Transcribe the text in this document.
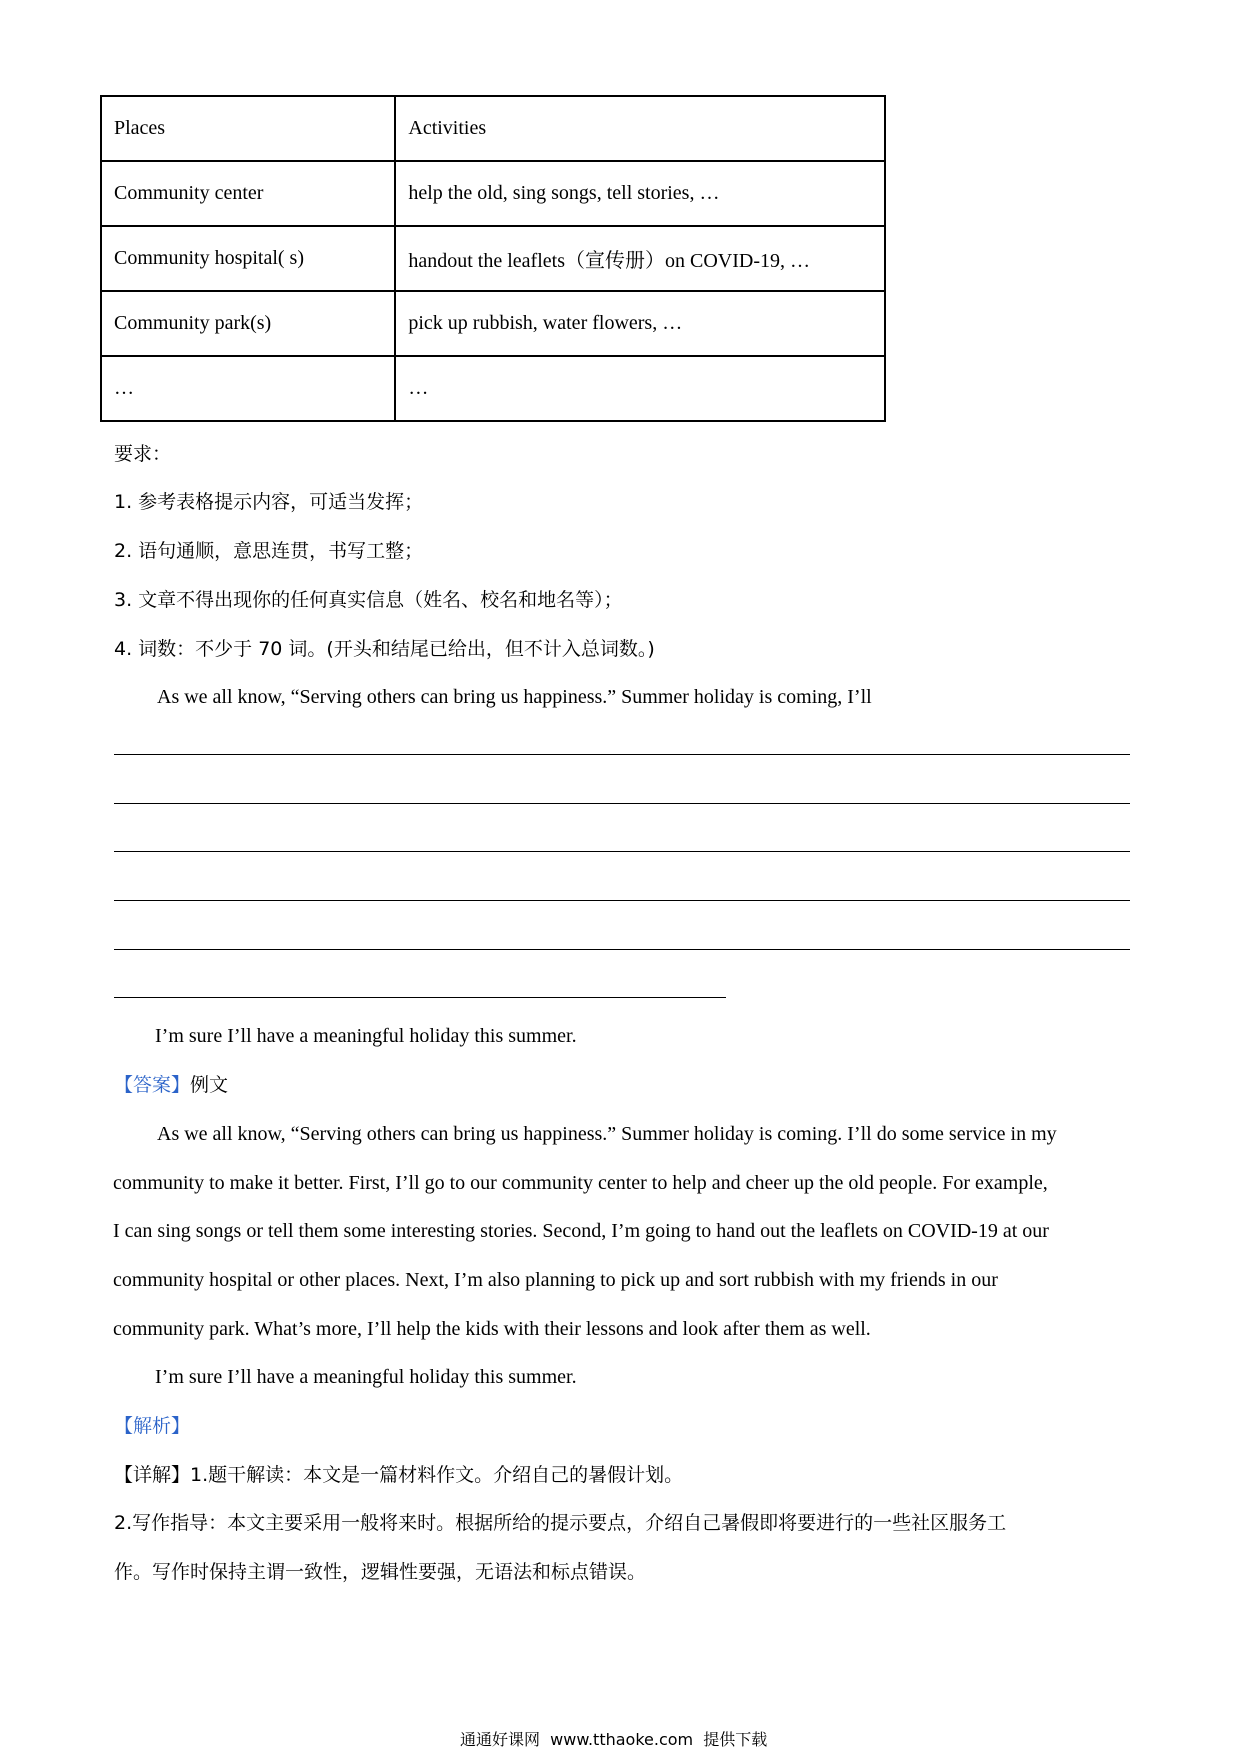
Places	Activities
Community center	help the old, sing songs, tell stories, …
Community hospital( s)	handout the leaflets（宣传册）on COVID-19, …
Community park(s)	pick up rubbish, water flowers, …
…	…
要求：
1. 参考表格提示内容，可适当发挥；
2. 语句通顺，意思连贯，书写工整；
3. 文章不得出现你的任何真实信息（姓名、校名和地名等）；
4. 词数：不少于 70 词。(开头和结尾已给出，但不计入总词数。)
As we all know, “Serving others can bring us happiness.” Summer holiday is coming, I’ll
I’m sure I’ll have a meaningful holiday this summer.
【答案】例文
As we all know, “Serving others can bring us happiness.” Summer holiday is coming. I’ll do some service in my
community to make it better. First, I’ll go to our community center to help and cheer up the old people. For example,
I can sing songs or tell them some interesting stories. Second, I’m going to hand out the leaflets on COVID-19 at our
community hospital or other places. Next, I’m also planning to pick up and sort rubbish with my friends in our
community park. What’s more, I’ll help the kids with their lessons and look after them as well.
I’m sure I’ll have a meaningful holiday this summer.
【解析】
【详解】1.题干解读：本文是一篇材料作文。介绍自己的暑假计划。
2.写作指导：本文主要采用一般将来时。根据所给的提示要点，介绍自己暑假即将要进行的一些社区服务工
作。写作时保持主谓一致性，逻辑性要强，无语法和标点错误。
通通好课网  www.tthaoke.com  提供下载
